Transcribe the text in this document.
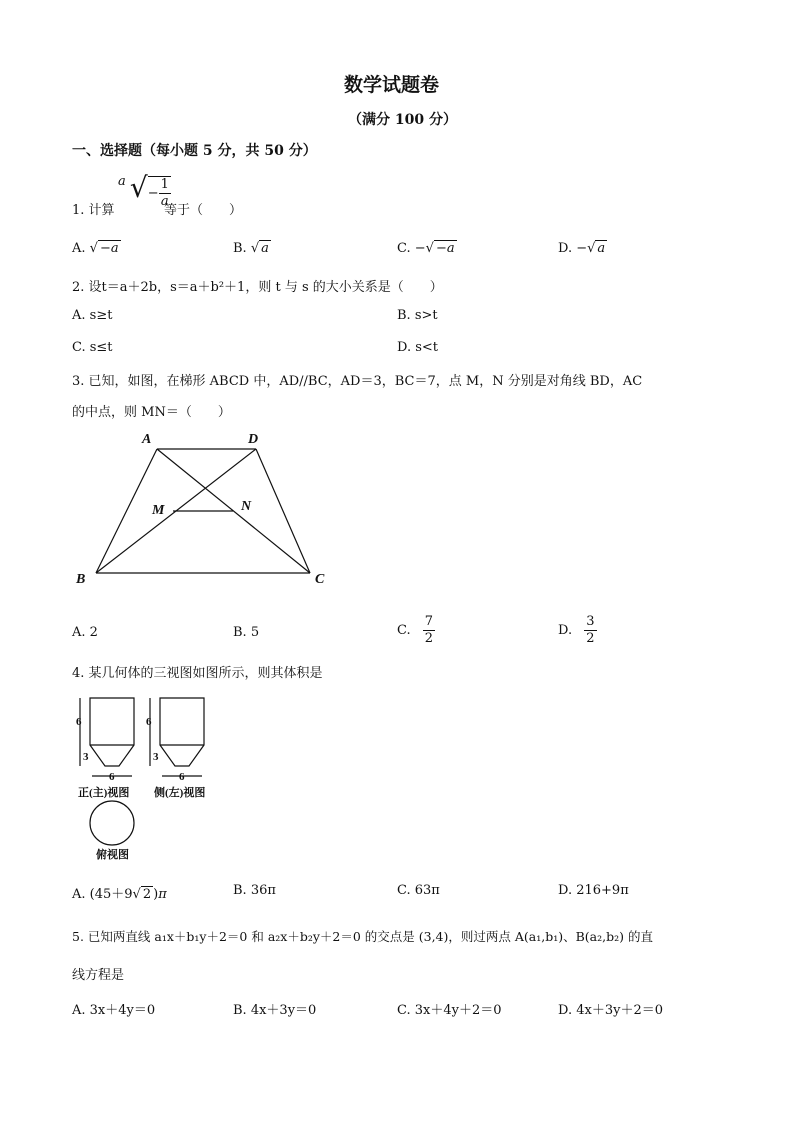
数学试题卷
（满分 100 分）
一、选择题（每小题 5 分，共 50 分）
1. 计算
a √− $\frac{1}{a}$
等于（　　）
A. √ −a	B. √ a	C. −√ −a	D. −√ a
2. 设t＝a＋2b，s＝a＋b²＋1，则 t 与 s 的大小关系是（　　）
A. s≥t	B. s>t
C. s≤t	D. s<t
3. 已知，如图，在梯形 ABCD 中，AD//BC，AD＝3，BC＝7，点 M，N 分别是对角线 BD，AC
的中点，则 MN＝（　　）
A	D
M	N
B	C
A. 2	B. 5	C. $\frac{7}{2}$	D. $\frac{3}{2}$
4. 某几何体的三视图如图所示，则其体积是
6
3
6
6
3
6
正(主)视图 侧(左)视图
俯视图
A. (45＋9√ 2 )π	B. 36π	C. 63π	D. 216+9π
5. 已知两直线 a₁x＋b₁y＋2＝0 和 a₂x＋b₂y＋2＝0 的交点是 (3,4)，则过两点 A(a₁,b₁)、B(a₂,b₂) 的直
线方程是
A. 3x＋4y＝0	B. 4x＋3y＝0	C. 3x＋4y＋2＝0	D. 4x＋3y＋2＝0
